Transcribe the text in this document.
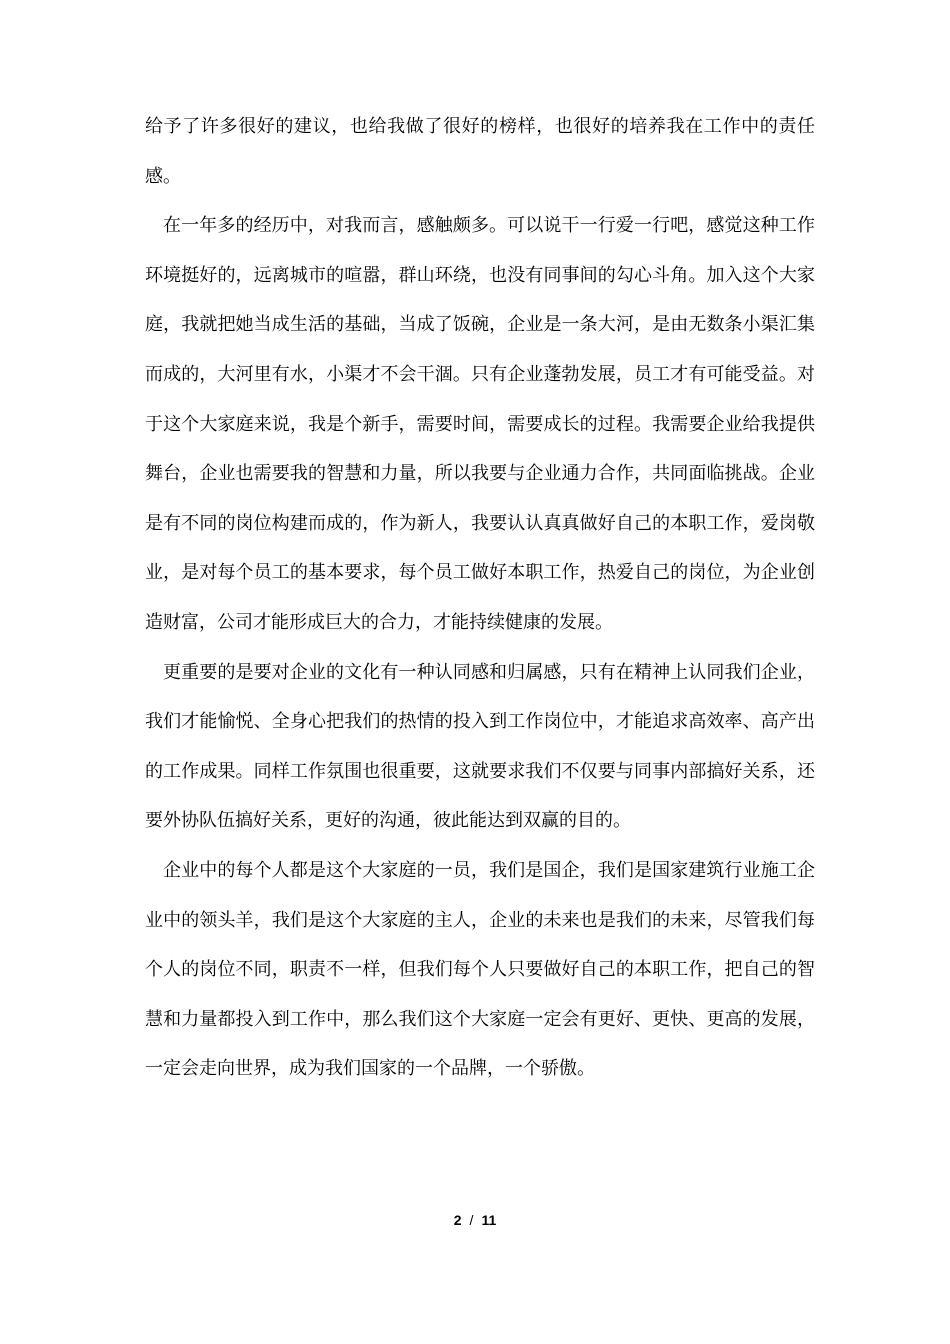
给予了许多很好的建议，也给我做了很好的榜样，也很好的培养我在工作中的责任感。

在一年多的经历中，对我而言，感触颇多。可以说干一行爱一行吧，感觉这种工作环境挺好的，远离城市的喧嚣，群山环绕，也没有同事间的勾心斗角。加入这个大家庭，我就把她当成生活的基础，当成了饭碗，企业是一条大河，是由无数条小渠汇集而成的，大河里有水，小渠才不会干涸。只有企业蓬勃发展，员工才有可能受益。对于这个大家庭来说，我是个新手，需要时间，需要成长的过程。我需要企业给我提供舞台，企业也需要我的智慧和力量，所以我要与企业通力合作，共同面临挑战。企业是有不同的岗位构建而成的，作为新人，我要认认真真做好自己的本职工作，爱岗敬业，是对每个员工的基本要求，每个员工做好本职工作，热爱自己的岗位，为企业创造财富，公司才能形成巨大的合力，才能持续健康的发展。

更重要的是要对企业的文化有一种认同感和归属感，只有在精神上认同我们企业，我们才能愉悦、全身心把我们的热情的投入到工作岗位中，才能追求高效率、高产出的工作成果。同样工作氛围也很重要，这就要求我们不仅要与同事内部搞好关系，还要外协队伍搞好关系，更好的沟通，彼此能达到双赢的目的。

企业中的每个人都是这个大家庭的一员，我们是国企，我们是国家建筑行业施工企业中的领头羊，我们是这个大家庭的主人，企业的未来也是我们的未来，尽管我们每个人的岗位不同，职责不一样，但我们每个人只要做好自己的本职工作，把自己的智慧和力量都投入到工作中，那么我们这个大家庭一定会有更好、更快、更高的发展，一定会走向世界，成为我们国家的一个品牌，一个骄傲。

2 / 11
